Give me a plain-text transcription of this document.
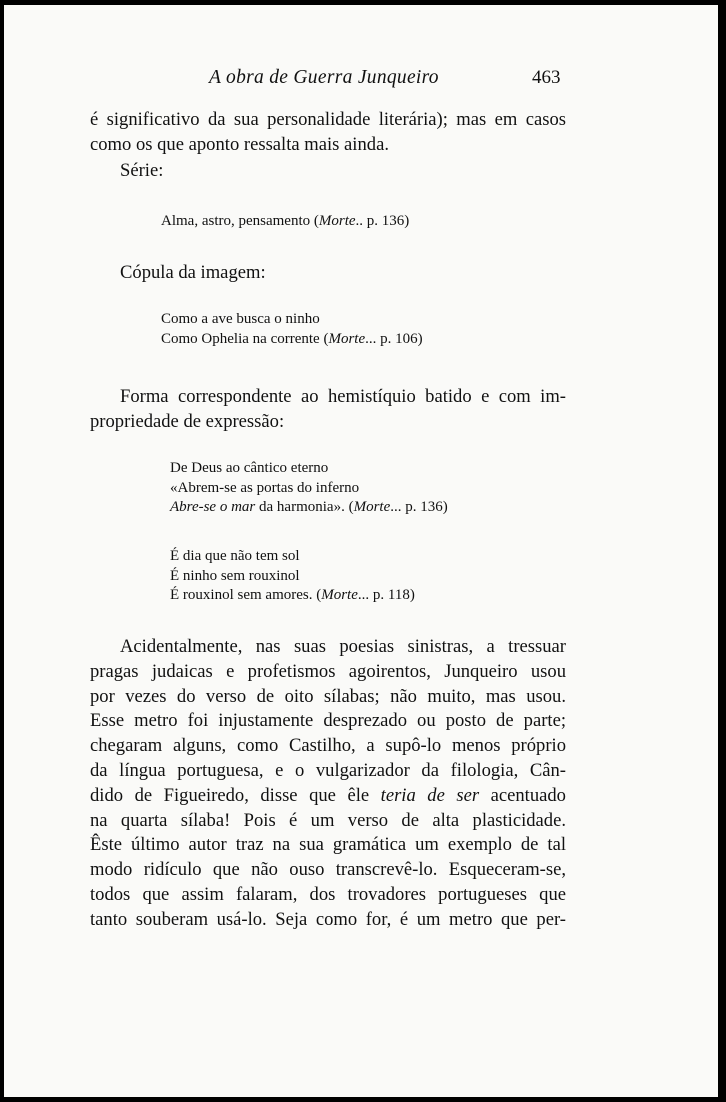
A obra de Guerra Junqueiro	463
é significativo da sua personalidade literária); mas em casos
como os que aponto ressalta mais ainda.
Série:
Alma, astro, pensamento (Morte.. p. 136)
Cópula da imagem:
Como a ave busca o ninho
Como Ophelia na corrente (Morte... p. 106)
Forma correspondente ao hemistíquio batido e com im-
propriedade de expressão:
De Deus ao cântico eterno
«Abrem-se as portas do inferno
Abre-se o mar da harmonia». (Morte... p. 136)
É dia que não tem sol
É ninho sem rouxinol
É rouxinol sem amores. (Morte... p. 118)
Acidentalmente, nas suas poesias sinistras, a tressuar
pragas judaicas e profetismos agoirentos, Junqueiro usou
por vezes do verso de oito sílabas; não muito, mas usou.
Esse metro foi injustamente desprezado ou posto de parte;
chegaram alguns, como Castilho, a supô-lo menos próprio
da língua portuguesa, e o vulgarizador da filologia, Cân-
dido de Figueiredo, disse que êle teria de ser acentuado
na quarta sílaba! Pois é um verso de alta plasticidade.
Êste último autor traz na sua gramática um exemplo de tal
modo ridículo que não ouso transcrevê-lo. Esqueceram-se,
todos que assim falaram, dos trovadores portugueses que
tanto souberam usá-lo. Seja como for, é um metro que per-
